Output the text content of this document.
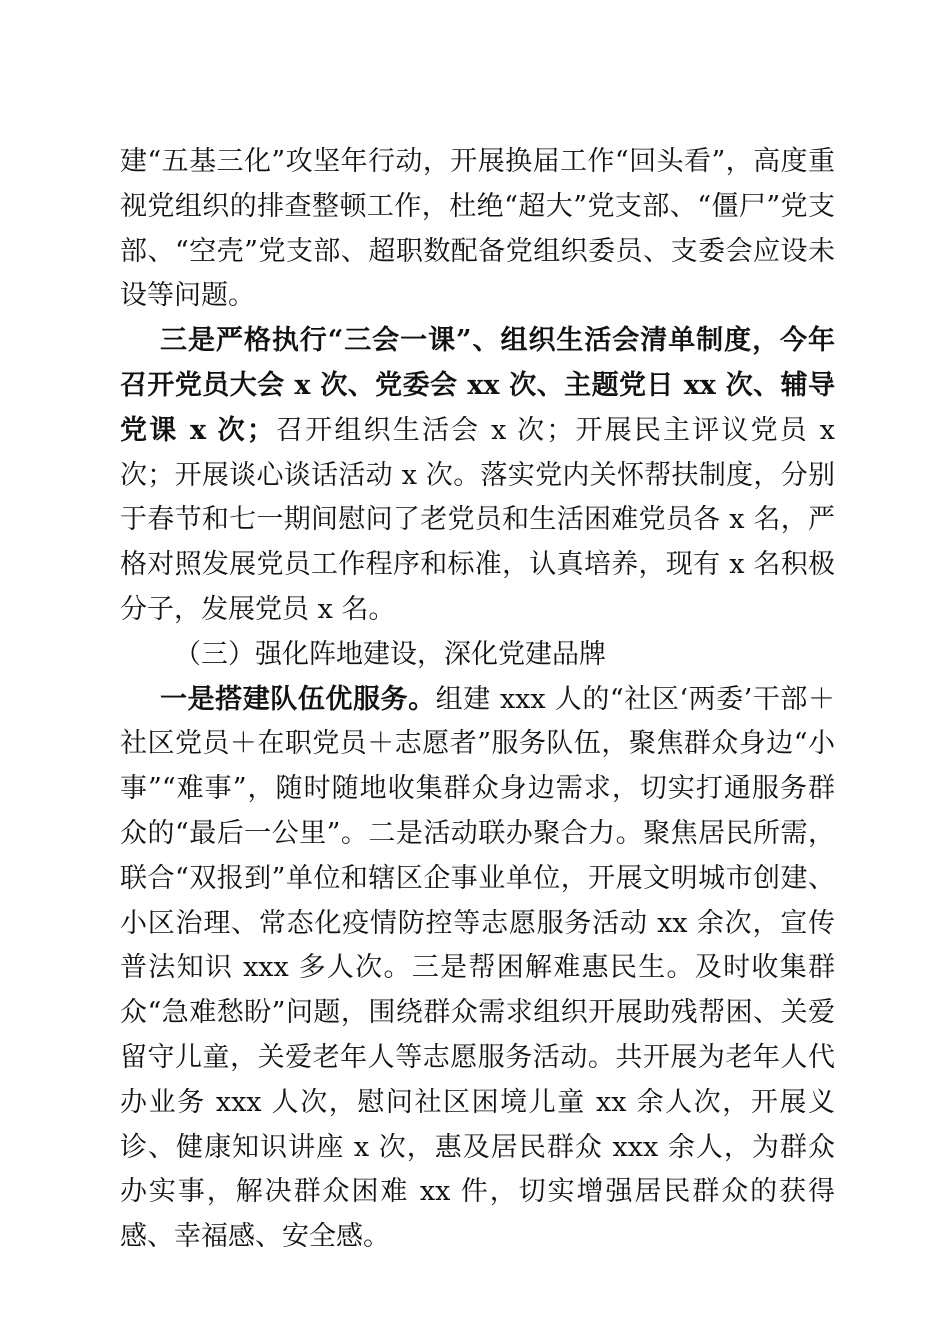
建“五基三化”攻坚年行动，开展换届工作“回头看”，高度重视党组织的排查整顿工作，杜绝“超大”党支部、“僵尸”党支部、“空壳”党支部、超职数配备党组织委员、支委会应设未设等问题。

三是严格执行“三会一课”、组织生活会清单制度，今年召开党员大会 x 次、党委会 xx 次、主题党日 xx 次、辅导党课 x 次；召开组织生活会 x 次；开展民主评议党员 x 次；开展谈心谈话活动 x 次。落实党内关怀帮扶制度，分别于春节和七一期间慰问了老党员和生活困难党员各 x 名，严格对照发展党员工作程序和标准，认真培养，现有 x 名积极分子，发展党员 x 名。

（三）强化阵地建设，深化党建品牌

一是搭建队伍优服务。组建 xxx 人的“社区‘两委’干部＋社区党员＋在职党员＋志愿者”服务队伍，聚焦群众身边“小事”“难事”，随时随地收集群众身边需求，切实打通服务群众的“最后一公里”。二是活动联办聚合力。聚焦居民所需，联合“双报到”单位和辖区企事业单位，开展文明城市创建、小区治理、常态化疫情防控等志愿服务活动 xx 余次，宣传普法知识 xxx 多人次。三是帮困解难惠民生。及时收集群众“急难愁盼”问题，围绕群众需求组织开展助残帮困、关爱留守儿童，关爱老年人等志愿服务活动。共开展为老年人代办业务 xxx 人次，慰问社区困境儿童 xx 余人次，开展义诊、健康知识讲座 x 次，惠及居民群众 xxx 余人，为群众办实事，解决群众困难 xx 件，切实增强居民群众的获得感、幸福感、安全感。
